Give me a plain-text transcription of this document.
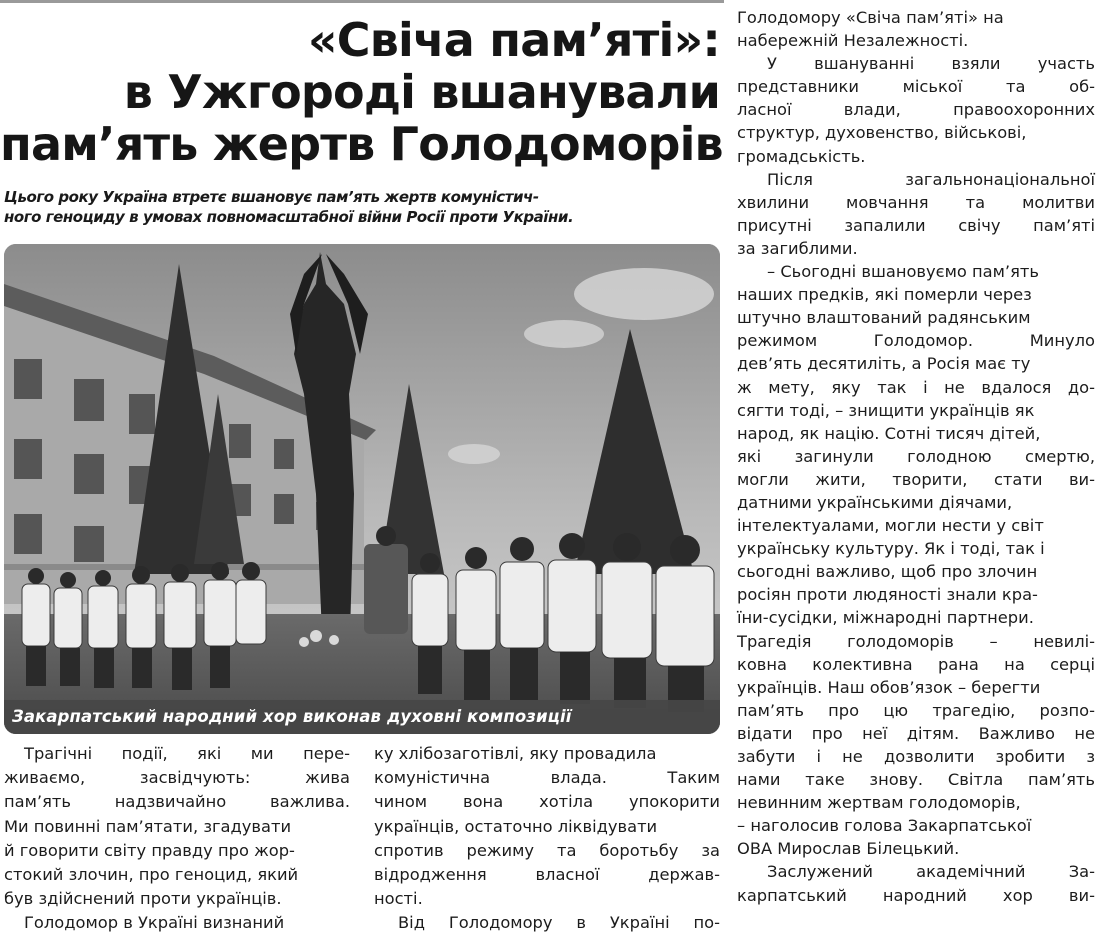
«Свіча пам’яті»:
в Ужгороді вшанували
пам’ять жертв Голодоморів

Цього року Україна втретє вшановує пам’ять жертв комуністич-
ного геноциду в умовах повномасштабної війни Росії проти України.

Закарпатський народний хор виконав духовні композиції

Трагічні події, які ми пере-
живаємо, засвідчують: жива
пам’ять надзвичайно важлива.
Ми повинні пам’ятати, згадувати
й говорити світу правду про жор-
стокий злочин, про геноцид, який
був здійснений проти українців.
Голодомор в Україні визнаний
ку хлібозаготівлі, яку провадила
комуністична влада. Таким
чином вона хотіла упокорити
українців, остаточно ліквідувати
спротив режиму та боротьбу за
відродження власної держав-
ності.
Від Голодомору в Україні по-
Голодомору «Свіча пам’яті» на
набережній Незалежності.
У вшануванні взяли участь
представники міської та об-
ласної влади, правоохоронних
структур, духовенство, військові,
громадськість.
Після загальнонаціональної
хвилини мовчання та молитви
присутні запалили свічу пам’яті
за загиблими.
– Сьогодні вшановуємо пам’ять
наших предків, які померли через
штучно влаштований радянським
режимом Голодомор. Минуло
дев’ять десятиліть, а Росія має ту
ж мету, яку так і не вдалося до-
сягти тоді, – знищити українців як
народ, як націю. Сотні тисяч дітей,
які загинули голодною смертю,
могли жити, творити, стати ви-
датними українськими діячами,
інтелектуалами, могли нести у світ
українську культуру. Як і тоді, так і
сьогодні важливо, щоб про злочин
росіян проти людяності знали кра-
їни-сусідки, міжнародні партнери.
Трагедія голодоморів – невилі-
ковна колективна рана на серці
українців. Наш обов’язок – берегти
пам’ять про цю трагедію, розпо-
відати про неї дітям. Важливо не
забути і не дозволити зробити з
нами таке знову. Світла пам’ять
невинним жертвам голодоморів,
– наголосив голова Закарпатської
ОВА Мирослав Білецький.
Заслужений академічний За-
карпатський народний хор ви-
